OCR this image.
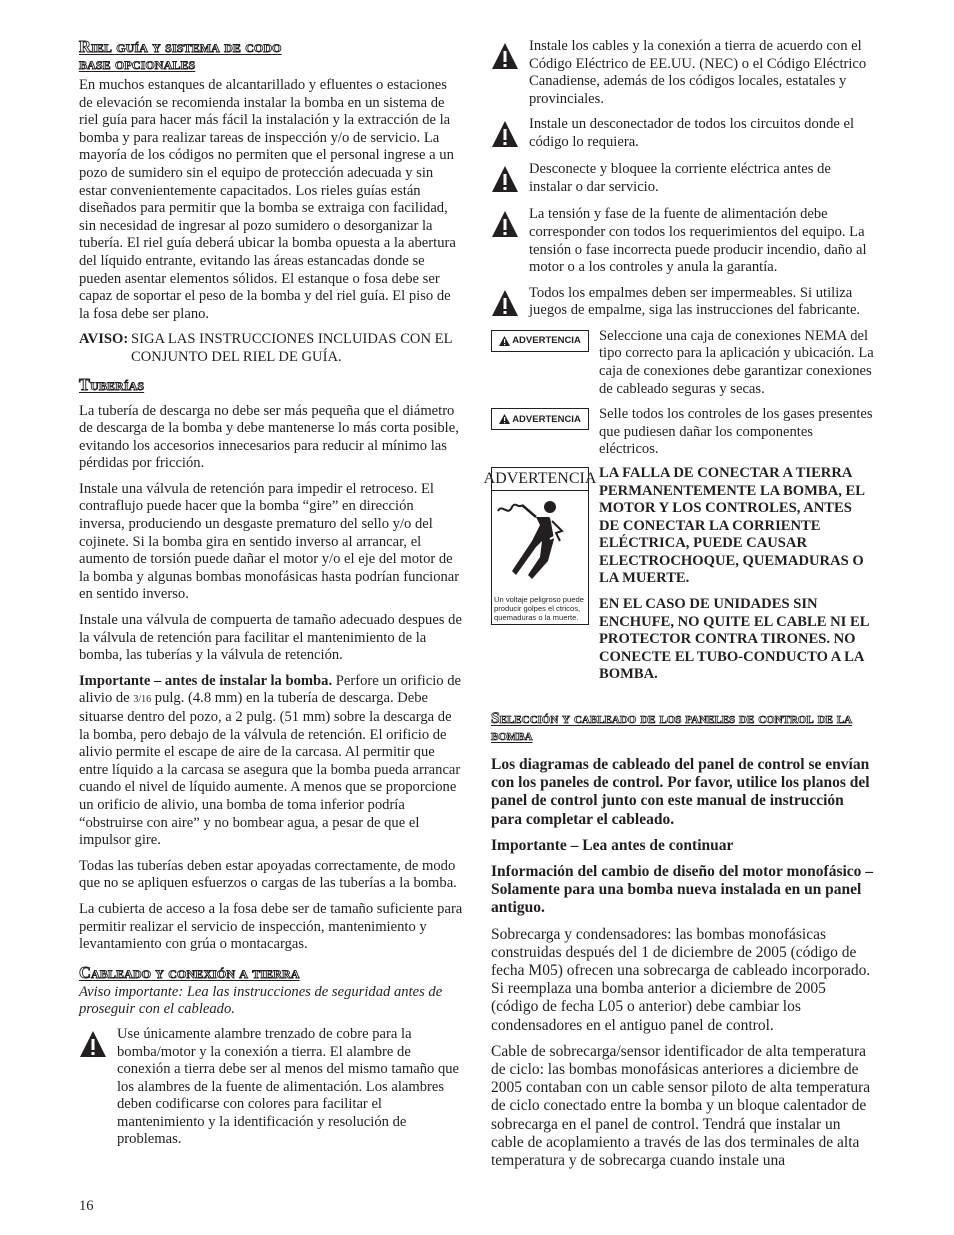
Riel guía y sistema de codo
base opcionales

En muchos estanques de alcantarillado y efluentes o estaciones de elevación se recomienda instalar la bomba en un sistema de riel guía para hacer más fácil la instalación y la extracción de la bomba y para realizar tareas de inspección y/o de servicio. La mayoría de los códigos no permiten que el personal ingrese a un pozo de sumidero sin el equipo de protección adecuada y sin estar convenientemente capacitados. Los rieles guías están diseñados para permitir que la bomba se extraiga con facilidad, sin necesidad de ingresar al pozo sumidero o desorganizar la tubería. El riel guía deberá ubicar la bomba opuesta a la abertura del líquido entrante, evitando las áreas estancadas donde se pueden asentar elementos sólidos. El estanque o fosa debe ser capaz de soportar el peso de la bomba y del riel guía. El piso de la fosa debe ser plano.

AVISO: SIGA LAS INSTRUCCIONES INCLUIDAS CON EL CONJUNTO DEL RIEL DE GUÍA.
Tuberías

La tubería de descarga no debe ser más pequeña que el diámetro de descarga de la bomba y debe mantenerse lo más corta posible, evitando los accesorios innecesarios para reducir al mínimo las pérdidas por fricción.

Instale una válvula de retención para impedir el retroceso. El contraflujo puede hacer que la bomba “gire” en dirección inversa, produciendo un desgaste prematuro del sello y/o del cojinete. Si la bomba gira en sentido inverso al arrancar, el aumento de torsión puede dañar el motor y/o el eje del motor de la bomba y algunas bombas monofásicas hasta podrían funcionar en sentido inverso.

Instale una válvula de compuerta de tamaño adecuado despues de la válvula de retención para facilitar el mantenimiento de la bomba, las tuberías y la válvula de retención.

Importante – antes de instalar la bomba. Perfore un orificio de alivio de 3/16 pulg. (4.8 mm) en la tubería de descarga. Debe situarse dentro del pozo, a 2 pulg. (51 mm) sobre la descarga de la bomba, pero debajo de la válvula de retención. El orificio de alivio permite el escape de aire de la carcasa. Al permitir que entre líquido a la carcasa se asegura que la bomba pueda arrancar cuando el nivel de líquido aumente. A menos que se proporcione un orificio de alivio, una bomba de toma inferior podría “obstruirse con aire” y no bombear agua, a pesar de que el impulsor gire.

Todas las tuberías deben estar apoyadas correctamente, de modo que no se apliquen esfuerzos o cargas de las tuberías a la bomba.

La cubierta de acceso a la fosa debe ser de tamaño suficiente para permitir realizar el servicio de inspección, mantenimiento y levantamiento con grúa o montacargas.

Cableado y conexión a tierra

Aviso importante: Lea las instrucciones de seguridad antes de proseguir con el cableado.

Use únicamente alambre trenzado de cobre para la bomba/motor y la conexión a tierra. El alambre de conexión a tierra debe ser al menos del mismo tamaño que los alambres de la fuente de alimentación. Los alambres deben codificarse con colores para facilitar el mantenimiento y la identificación y resolución de problemas.

Instale los cables y la conexión a tierra de acuerdo con el Código Eléctrico de EE.UU. (NEC) o el Código Eléctrico Canadiense, además de los códigos locales, estatales y provinciales.

Instale un desconectador de todos los circuitos donde el código lo requiera.

Desconecte y bloquee la corriente eléctrica antes de instalar o dar servicio.

La tensión y fase de la fuente de alimentación debe corresponder con todos los requerimientos del equipo. La tensión o fase incorrecta puede producir incendio, daño al motor o a los controles y anula la garantía.

Todos los empalmes deben ser impermeables. Si utiliza juegos de empalme, siga las instrucciones del fabricante.

ADVERTENCIA Seleccione una caja de conexiones NEMA del tipo correcto para la aplicación y ubicación. La caja de conexiones debe garantizar conexiones de cableado seguras y secas.

ADVERTENCIA Selle todos los controles de los gases presentes que pudiesen dañar los componentes eléctricos.

ADVERTENCIA
Un voltaje peligroso puede producir golpes el ctricos, quemaduras o la muerte.

LA FALLA DE CONECTAR A TIERRA PERMANENTEMENTE LA BOMBA, EL MOTOR Y LOS CONTROLES, ANTES DE CONECTAR LA CORRIENTE ELÉCTRICA, PUEDE CAUSAR ELECTROCHOQUE, QUEMADURAS O LA MUERTE.

EN EL CASO DE UNIDADES SIN ENCHUFE, NO QUITE EL CABLE NI EL PROTECTOR CONTRA TIRONES. NO CONECTE EL TUBO-CONDUCTO A LA BOMBA.

Selección y cableado de los paneles de control de la bomba

Los diagramas de cableado del panel de control se envían con los paneles de control. Por favor, utilice los planos del panel de control junto con este manual de instrucción para completar el cableado.

Importante – Lea antes de continuar

Información del cambio de diseño del motor monofásico – Solamente para una bomba nueva instalada en un panel antiguo.

Sobrecarga y condensadores: las bombas monofásicas construidas después del 1 de diciembre de 2005 (código de fecha M05) ofrecen una sobrecarga de cableado incorporado. Si reemplaza una bomba anterior a diciembre de 2005 (código de fecha L05 o anterior) debe cambiar los condensadores en el antiguo panel de control.

Cable de sobrecarga/sensor identificador de alta temperatura de ciclo: las bombas monofásicas anteriores a diciembre de 2005 contaban con un cable sensor piloto de alta temperatura de ciclo conectado entre la bomba y un bloque calentador de sobrecarga en el panel de control. Tendrá que instalar un cable de acoplamiento a través de las dos terminales de alta temperatura y de sobrecarga cuando instale una

16
